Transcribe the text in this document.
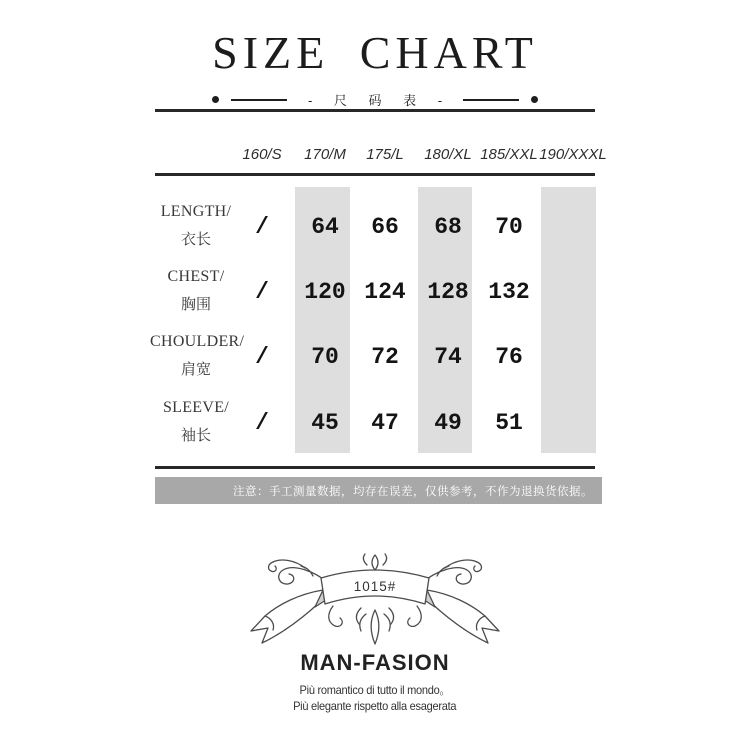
SIZE CHART
- 尺 码 表 -
160/S	170/M	175/L	180/XL 185/XXL 190/XXXL
LENGTH/
衣长	/	64	66	68	70
CHEST/
胸围	/	120 124 128 132
CHOULDER/
肩宽	/	70	72	74	76
SLEEVE/
袖长	/	45	47	49	51
注意：手工测量数据，均存在误差，仅供参考，不作为退换货依据。
1015#
MAN-FASION
Più romantico di tutto il mondo。
Più elegante rispetto alla esagerata
